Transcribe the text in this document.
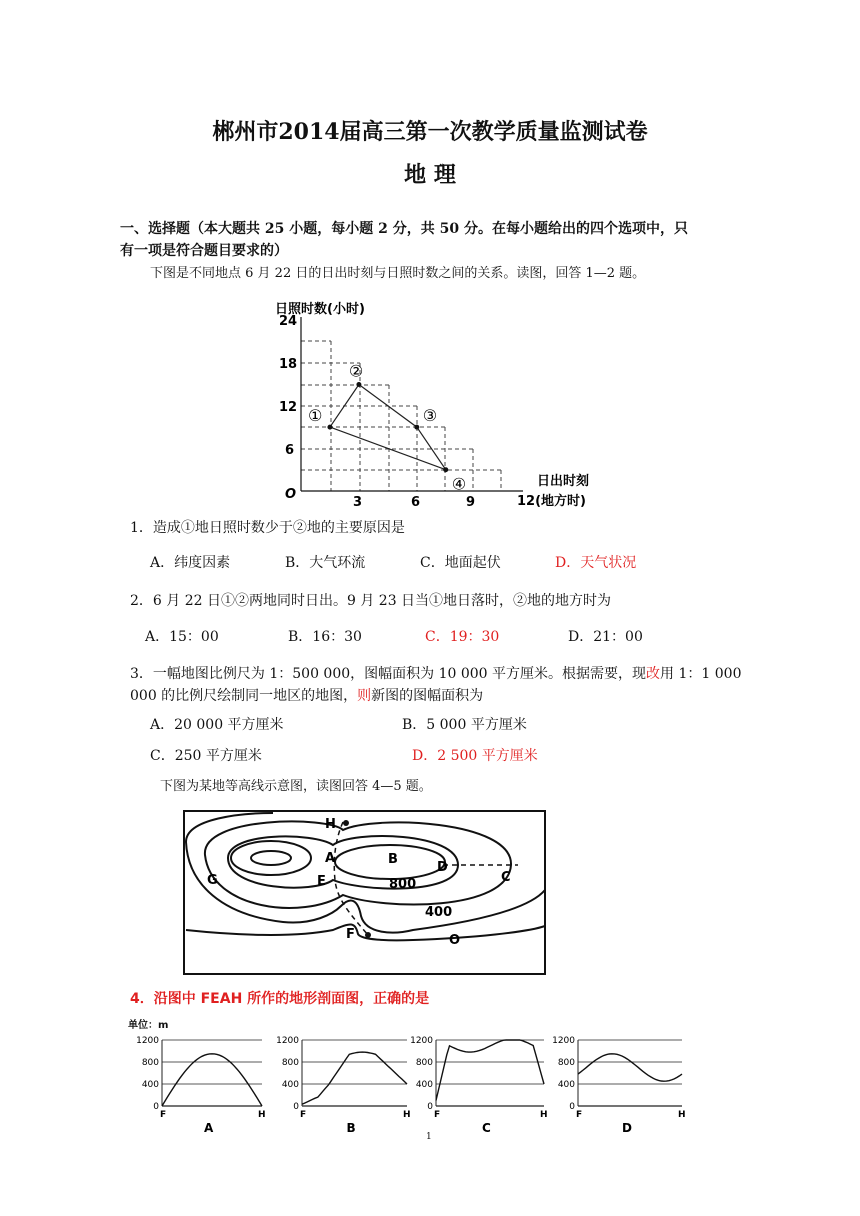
郴州市2014届高三第一次教学质量监测试卷
地 理
一、选择题（本大题共 25 小题，每小题 2 分，共 50 分。在每小题给出的四个选项中，只
有一项是符合题目要求的）
下图是不同地点 6 月 22 日的日出时刻与日照时数之间的关系。读图，回答 1—2 题。
日照时数(小时)
日出时刻
12(地方时)
O
24
18
12
6
3	6	9
①
②
③
④
1．造成①地日照时数少于②地的主要原因是
A．纬度因素	B．大气环流	C．地面起伏	D．天气状况
2．6 月 22 日①②两地同时日出。9 月 23 日当①地日落时，②地的地方时为
A．15：00	B．16：30	C．19：30	D．21：00
3．一幅地图比例尺为 1：500 000，图幅面积为 10 000 平方厘米。根据需要，现改用 1：1 000
000 的比例尺绘制同一地区的地图，则新图的图幅面积为
A．20 000 平方厘米	B．5 000 平方厘米
C．250 平方厘米	D．2 500 平方厘米
下图为某地等高线示意图，读图回答 4—5 题。
H
A	B
D
C
G	E	800
400
F	O
4．沿图中 FEAH 所作的地形剖面图，正确的是
单位：m
1200
800
400
0
F	H
A
1200
800
400
0
F	H
B
1200
800
400
0
F	H
C
1200
800
400
0
F	H
D
1
